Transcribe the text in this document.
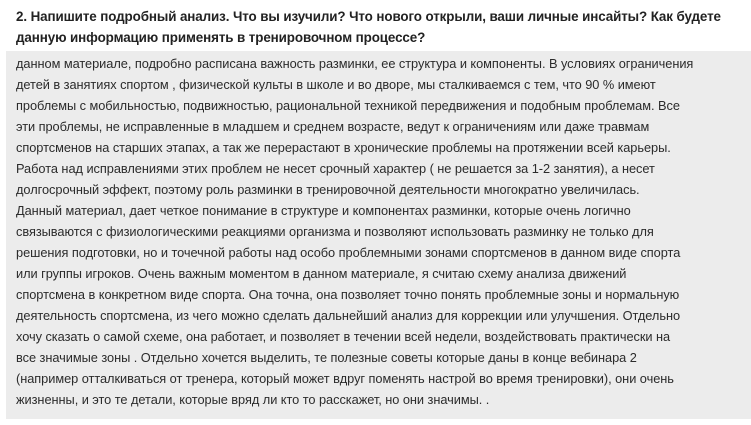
2. Напишите подробный анализ. Что вы изучили? Что нового открыли, ваши личные инсайты? Как будете
данную информацию применять в тренировочном процессе?
данном материале, подробно расписана важность разминки, ее структура и компоненты. В условиях ограничения
детей в занятиях спортом , физической культы в школе и во дворе, мы сталкиваемся с тем, что 90 % имеют
проблемы с мобильностью, подвижностью, рациональной техникой передвижения и подобным проблемам. Все
эти проблемы, не исправленные в младшем и среднем возрасте, ведут к ограничениям или даже травмам
спортсменов на старших этапах, а так же перерастают в хронические проблемы на протяжении всей карьеры.
Работа над исправлениями этих проблем не несет срочный характер ( не решается за 1-2 занятия), а несет
долгосрочный эффект, поэтому роль разминки в тренировочной деятельности многократно увеличилась.
Данный материал, дает четкое понимание в структуре и компонентах разминки, которые очень логично
связываются с физиологическими реакциями организма и позволяют использовать разминку не только для
решения подготовки, но и точечной работы над особо проблемными зонами спортсменов в данном виде спорта
или группы игроков. Очень важным моментом в данном материале, я считаю схему анализа движений
спортсмена в конкретном виде спорта. Она точна, она позволяет точно понять проблемные зоны и нормальную
деятельность спортсмена, из чего можно сделать дальнейший анализ для коррекции или улучшения. Отдельно
хочу сказать о самой схеме, она работает, и позволяет в течении всей недели, воздействовать практически на
все значимые зоны . Отдельно хочется выделить, те полезные советы которые даны в конце вебинара 2
(например отталкиваться от тренера, который может вдруг поменять настрой во время тренировки), они очень
жизненны, и это те детали, которые вряд ли кто то расскажет, но они значимы. .
